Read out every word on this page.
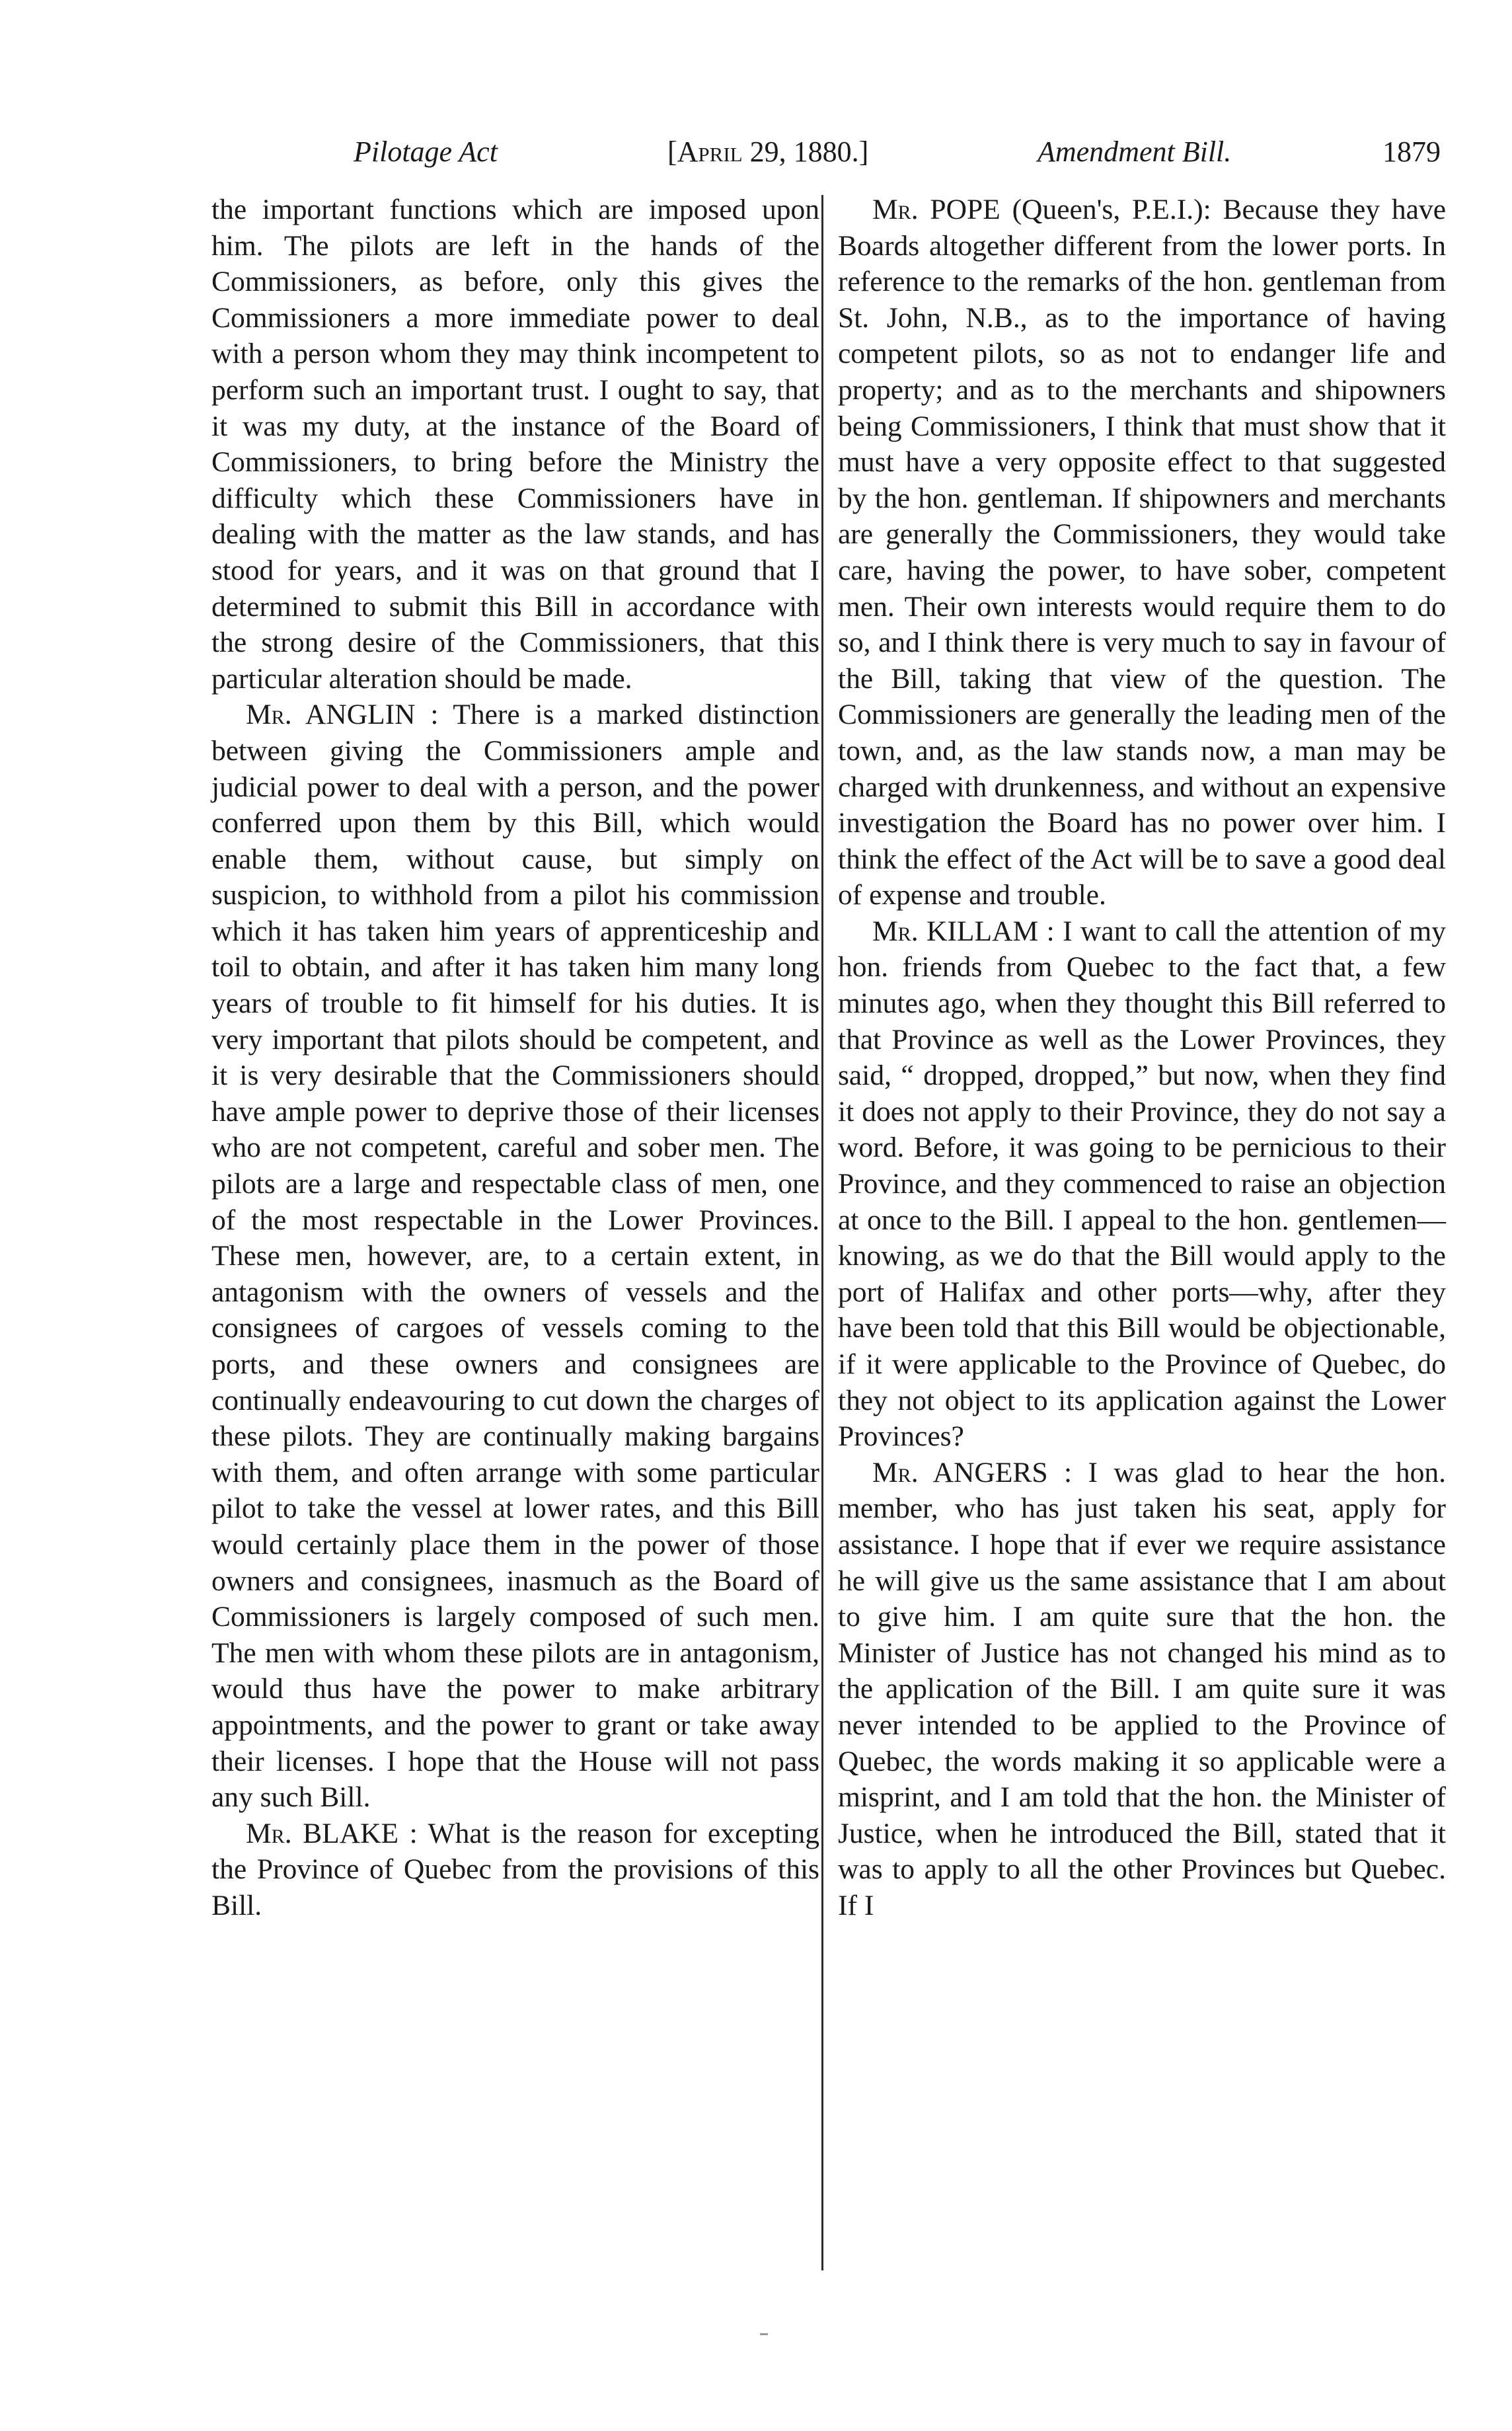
Pilotage Act	[April 29, 1880.]	Amendment Bill.	1879

the important functions which are imposed upon him. The pilots are left in the hands of the Commissioners, as before, only this gives the Commissioners a more immediate power to deal with a person whom they may think incompetent to perform such an important trust. I ought to say, that it was my duty, at the instance of the Board of Commissioners, to bring before the Ministry the difficulty which these Commissioners have in dealing with the matter as the law stands, and has stood for years, and it was on that ground that I determined to submit this Bill in accordance with the strong desire of the Commissioners, that this particular alteration should be made.

Mr. ANGLIN : There is a marked distinction between giving the Commissioners ample and judicial power to deal with a person, and the power conferred upon them by this Bill, which would enable them, without cause, but simply on suspicion, to withhold from a pilot his commission which it has taken him years of apprenticeship and toil to obtain, and after it has taken him many long years of trouble to fit himself for his duties. It is very important that pilots should be competent, and it is very desirable that the Commissioners should have ample power to deprive those of their licenses who are not competent, careful and sober men. The pilots are a large and respectable class of men, one of the most respectable in the Lower Provinces. These men, however, are, to a certain extent, in antagonism with the owners of vessels and the consignees of cargoes of vessels coming to the ports, and these owners and consignees are continually endeavouring to cut down the charges of these pilots. They are continually making bargains with them, and often arrange with some particular pilot to take the vessel at lower rates, and this Bill would certainly place them in the power of those owners and consignees, inasmuch as the Board of Commissioners is largely composed of such men. The men with whom these pilots are in antagonism, would thus have the power to make arbitrary appointments, and the power to grant or take away their licenses. I hope that the House will not pass any such Bill.

Mr. BLAKE : What is the reason for excepting the Province of Quebec from the provisions of this Bill.

Mr. POPE (Queen's, P.E.I.): Because they have Boards altogether different from the lower ports. In reference to the remarks of the hon. gentleman from St. John, N.B., as to the importance of having competent pilots, so as not to endanger life and property; and as to the merchants and shipowners being Commissioners, I think that must show that it must have a very opposite effect to that suggested by the hon. gentleman. If shipowners and merchants are generally the Commissioners, they would take care, having the power, to have sober, competent men. Their own interests would require them to do so, and I think there is very much to say in favour of the Bill, taking that view of the question. The Commissioners are generally the leading men of the town, and, as the law stands now, a man may be charged with drunkenness, and without an expensive investigation the Board has no power over him. I think the effect of the Act will be to save a good deal of expense and trouble.

Mr. KILLAM : I want to call the attention of my hon. friends from Quebec to the fact that, a few minutes ago, when they thought this Bill referred to that Province as well as the Lower Provinces, they said, “ dropped, dropped,” but now, when they find it does not apply to their Province, they do not say a word. Before, it was going to be pernicious to their Province, and they commenced to raise an objection at once to the Bill. I appeal to the hon. gentlemen—knowing, as we do that the Bill would apply to the port of Halifax and other ports—why, after they have been told that this Bill would be objectionable, if it were applicable to the Province of Quebec, do they not object to its application against the Lower Provinces?

Mr. ANGERS : I was glad to hear the hon. member, who has just taken his seat, apply for assistance. I hope that if ever we require assistance he will give us the same assistance that I am about to give him. I am quite sure that the hon. the Minister of Justice has not changed his mind as to the application of the Bill. I am quite sure it was never intended to be applied to the Province of Quebec, the words making it so applicable were a misprint, and I am told that the hon. the Minister of Justice, when he introduced the Bill, stated that it was to apply to all the other Provinces but Quebec. If I
